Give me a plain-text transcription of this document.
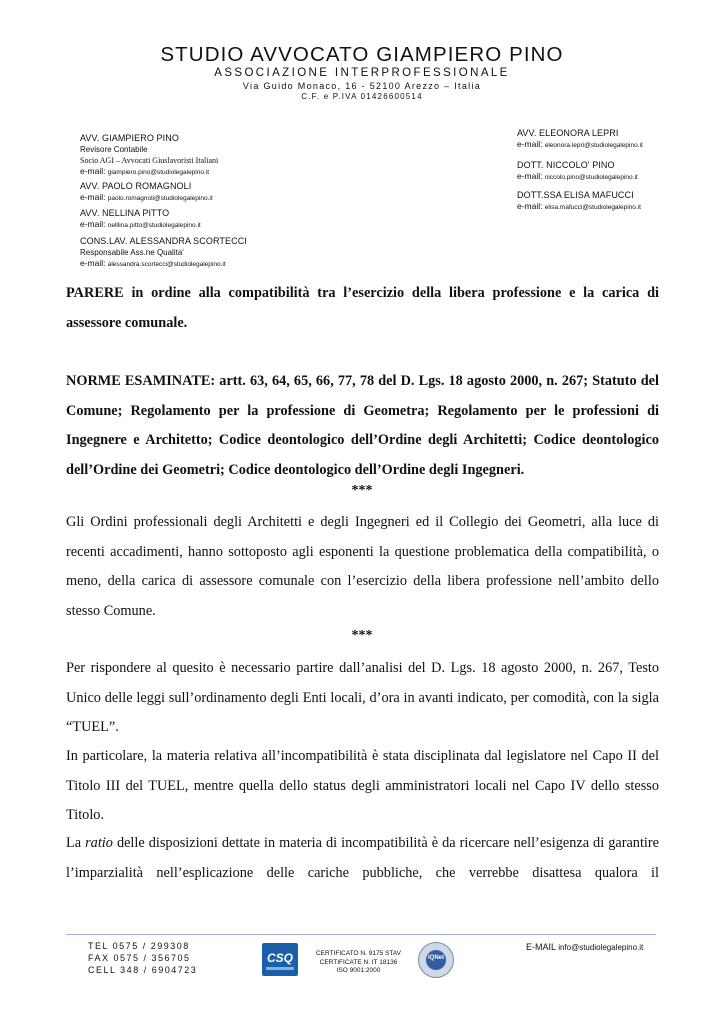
STUDIO AVVOCATO GIAMPIERO PINO
ASSOCIAZIONE INTERPROFESSIONALE
Via Guido Monaco, 16 - 52100 Arezzo – Italia
C.F. e P.IVA 01426600514
AVV. GIAMPIERO PINO
Revisore Contabile
Socio AGI – Avvocati Giuslavoristi Italiani
e-mail: giampiero.pino@studiolegalepino.it
AVV. PAOLO ROMAGNOLI
e-mail: paolo.romagnoli@studiolegalepino.it
AVV. NELLINA PITTO
e-mail: nelllina.pitto@studiolegalepino.it
CONS.LAV. ALESSANDRA SCORTECCI
Responsabile Ass.ne Qualita'
e-mail: alessandra.scortecci@studiolegalepino.it
AVV. ELEONORA LEPRI
e-mail: eleonora.lepri@studiolegalepino.it
DOTT. NICCOLO' PINO
e-mail: niccolo.pino@studiolegalepino.it
DOTT.SSA ELISA MAFUCCI
e-mail: elisa.mafucci@studiolegalepino.it
PARERE in ordine alla compatibilità tra l’esercizio della libera professione e la carica di assessore comunale.
NORME ESAMINATE: artt. 63, 64, 65, 66, 77, 78 del D. Lgs. 18 agosto 2000, n. 267; Statuto del Comune; Regolamento per la professione di Geometra; Regolamento per le professioni di Ingegnere e Architetto; Codice deontologico dell’Ordine degli Architetti; Codice deontologico dell’Ordine dei Geometri; Codice deontologico dell’Ordine degli Ingegneri.
***
Gli Ordini professionali degli Architetti e degli Ingegneri ed il Collegio dei Geometri, alla luce di recenti accadimenti, hanno sottoposto agli esponenti la questione problematica della compatibilità, o meno, della carica di assessore comunale con l’esercizio della libera professione nell’ambito dello stesso Comune.
***
Per rispondere al quesito è necessario partire dall’analisi del D. Lgs. 18 agosto 2000, n. 267, Testo Unico delle leggi sull’ordinamento degli Enti locali, d’ora in avanti indicato, per comodità, con la sigla “TUEL”.
In particolare, la materia relativa all’incompatibilità è stata disciplinata dal legislatore nel Capo II del Titolo III del TUEL, mentre quella dello status degli amministratori locali nel Capo IV dello stesso Titolo.
La ratio delle disposizioni dettate in materia di incompatibilità è da ricercare nell’esigenza di garantire l’imparzialità nell’esplicazione delle cariche pubbliche, che verrebbe disattesa qualora il
TEL 0575 / 299308
FAX 0575 / 356705
CELL 348 / 6904723
CSQ	CERTIFICATO N. 9175 STAV
CERTIFICATE N. IT 18136
ISO 9001:2000
IQNet
E-MAIL info@studiolegalepino.it
